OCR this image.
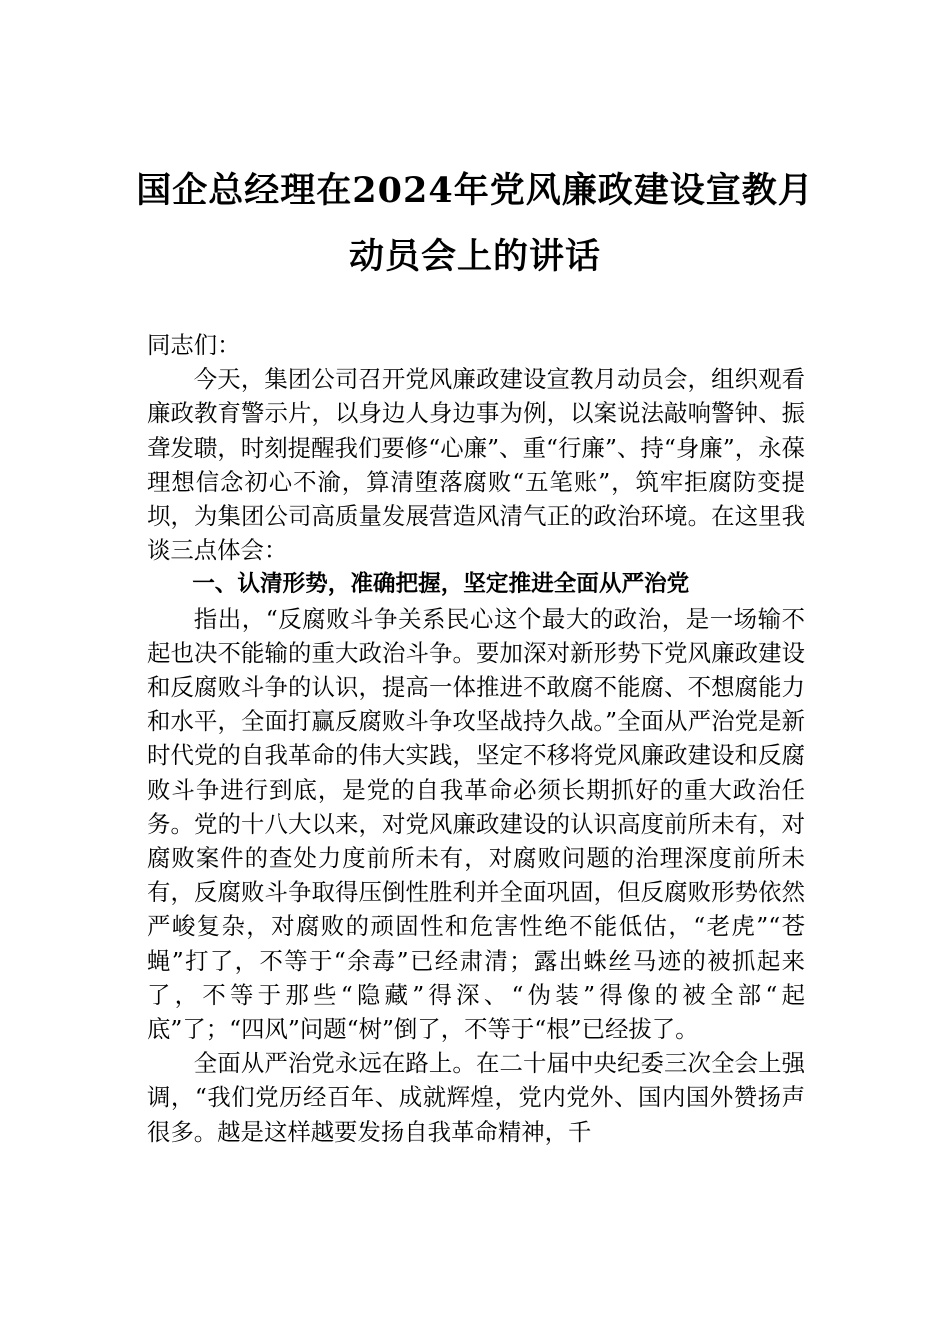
国企总经理在2024年党风廉政建设宣教月
动员会上的讲话

同志们：

今天，集团公司召开党风廉政建设宣教月动员会，组织观看廉政教育警示片，以身边人身边事为例，以案说法敲响警钟、振聋发聩，时刻提醒我们要修“心廉”、重“行廉”、持“身廉”，永葆理想信念初心不渝，算清堕落腐败“五笔账”，筑牢拒腐防变提坝，为集团公司高质量发展营造风清气正的政治环境。在这里我谈三点体会：

一、认清形势，准确把握，坚定推进全面从严治党

指出，“反腐败斗争关系民心这个最大的政治，是一场输不起也决不能输的重大政治斗争。要加深对新形势下党风廉政建设和反腐败斗争的认识，提高一体推进不敢腐不能腐、不想腐能力和水平，全面打赢反腐败斗争攻坚战持久战。”全面从严治党是新时代党的自我革命的伟大实践，坚定不移将党风廉政建设和反腐败斗争进行到底，是党的自我革命必须长期抓好的重大政治任务。党的十八大以来，对党风廉政建设的认识高度前所未有，对腐败案件的查处力度前所未有，对腐败问题的治理深度前所未有，反腐败斗争取得压倒性胜利并全面巩固，但反腐败形势依然严峻复杂，对腐败的顽固性和危害性绝不能低估，“老虎”“苍蝇”打了，不等于“余毒”已经肃清；露出蛛丝马迹的被抓起来了，不等于那些“隐藏”得深、“伪装”得像的被全部“起底”了；“四风”问题“树”倒了，不等于“根”已经拔了。

全面从严治党永远在路上。在二十届中央纪委三次全会上强调，“我们党历经百年、成就辉煌，党内党外、国内国外赞扬声很多。越是这样越要发扬自我革命精神，千
